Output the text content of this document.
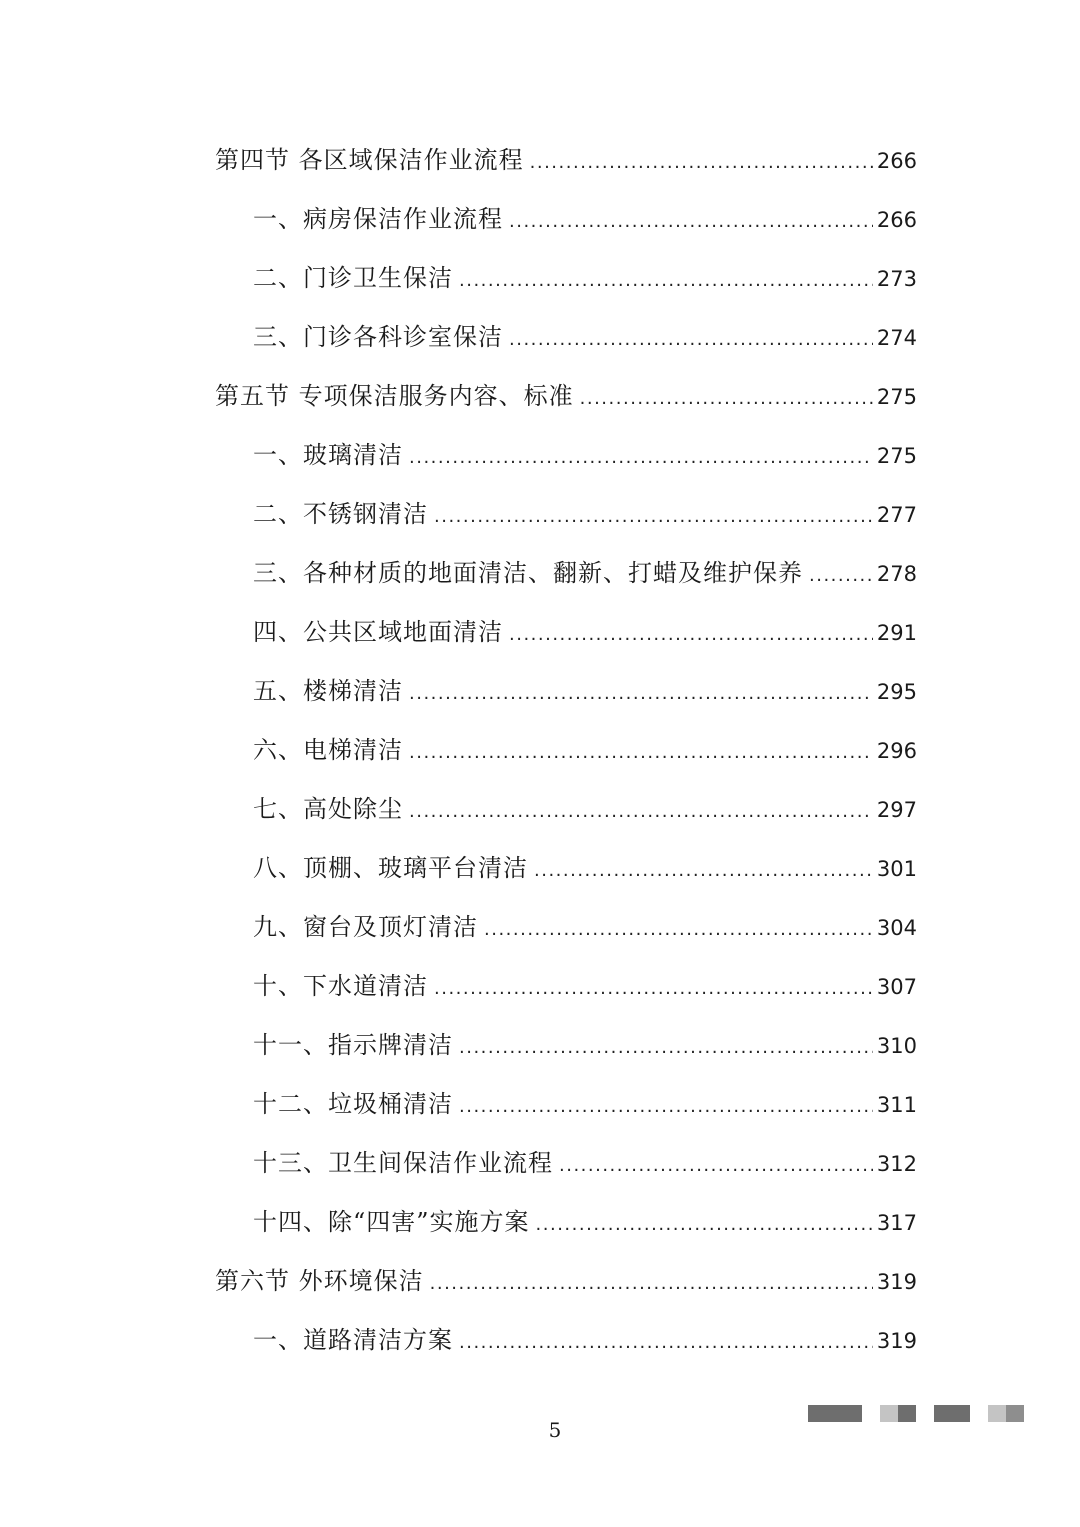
第四节 各区域保洁作业流程 .....	266
一、病房保洁作业流程 .....	266
二、门诊卫生保洁 .....	273
三、门诊各科诊室保洁 .....	274
第五节 专项保洁服务内容、标准 .....	275
一、玻璃清洁 .....	275
二、不锈钢清洁 .....	277
三、各种材质的地面清洁、翻新、打蜡及维护保养 .....	278
四、公共区域地面清洁 .....	291
五、楼梯清洁 .....	295
六、电梯清洁 .....	296
七、高处除尘 .....	297
八、顶棚、玻璃平台清洁 .....	301
九、窗台及顶灯清洁 .....	304
十、下水道清洁 .....	307
十一、指示牌清洁 .....	310
十二、垃圾桶清洁 .....	311
十三、卫生间保洁作业流程 .....	312
十四、除“四害”实施方案 .....	317
第六节 外环境保洁 .....	319
一、道路清洁方案 .....	319
5
